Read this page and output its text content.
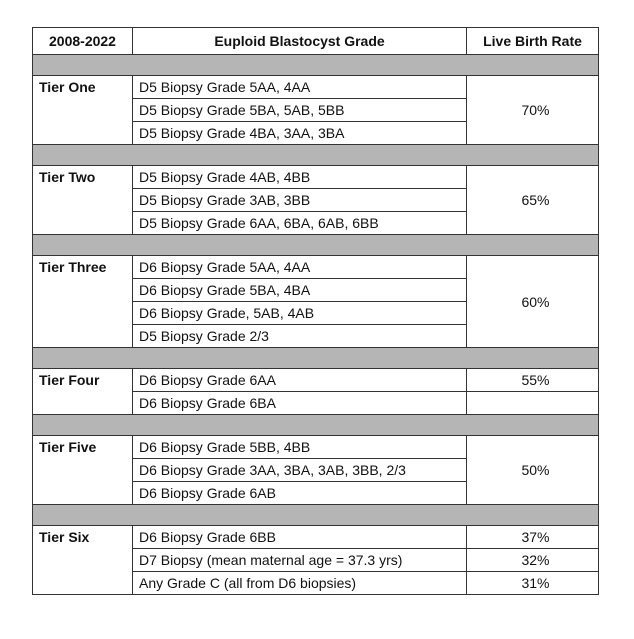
2008-2022	Euploid Blastocyst Grade	Live Birth Rate

Tier One	D5 Biopsy Grade 5AA, 4AA	70%
	D5 Biopsy Grade 5BA, 5AB, 5BB	
	D5 Biopsy Grade 4BA, 3AA, 3BA	

Tier Two	D5 Biopsy Grade 4AB, 4BB	65%
	D5 Biopsy Grade 3AB, 3BB	
	D5 Biopsy Grade 6AA, 6BA, 6AB, 6BB	

Tier Three	D6 Biopsy Grade 5AA, 4AA	60%
	D6 Biopsy Grade 5BA, 4BA	
	D6 Biopsy Grade, 5AB, 4AB	
	D5 Biopsy Grade 2/3	

Tier Four	D6 Biopsy Grade 6AA	55%
	D6 Biopsy Grade 6BA	

Tier Five	D6 Biopsy Grade 5BB, 4BB	50%
	D6 Biopsy Grade 3AA, 3BA, 3AB, 3BB, 2/3	
	D6 Biopsy Grade 6AB	

Tier Six	D6 Biopsy Grade 6BB	37%
	D7 Biopsy (mean maternal age = 37.3 yrs)	32%
	Any Grade C (all from D6 biopsies)	31%
